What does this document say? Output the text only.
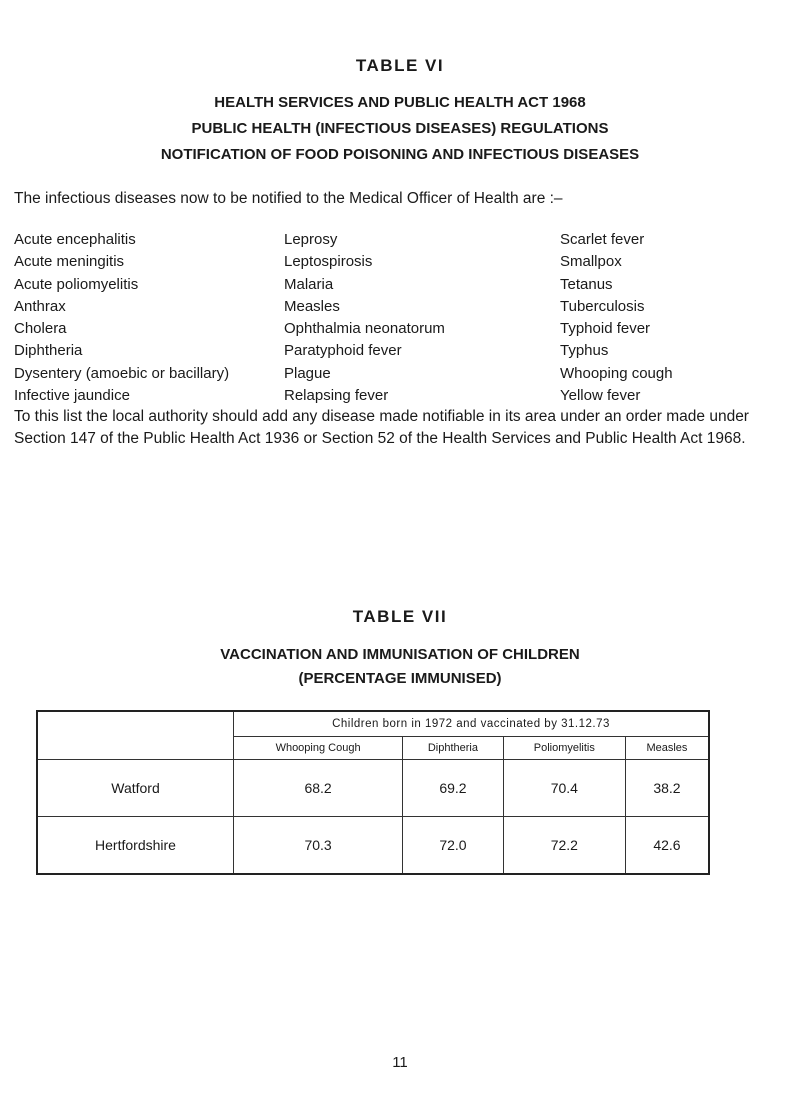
TABLE VI
HEALTH SERVICES AND PUBLIC HEALTH ACT 1968
PUBLIC HEALTH (INFECTIOUS DISEASES) REGULATIONS
NOTIFICATION OF FOOD POISONING AND INFECTIOUS DISEASES
The infectious diseases now to be notified to the Medical Officer of Health are :–
Acute encephalitis
Acute meningitis
Acute poliomyelitis
Anthrax
Cholera
Diphtheria
Dysentery (amoebic or bacillary)
Infective jaundice
Leprosy
Leptospirosis
Malaria
Measles
Ophthalmia neonatorum
Paratyphoid fever
Plague
Relapsing fever
Scarlet fever
Smallpox
Tetanus
Tuberculosis
Typhoid fever
Typhus
Whooping cough
Yellow fever
To this list the local authority should add any disease made notifiable in its area under an order made under Section 147 of the Public Health Act 1936 or Section 52 of the Health Services and Public Health Act 1968.
TABLE VII
VACCINATION AND IMMUNISATION OF CHILDREN
(PERCENTAGE IMMUNISED)
	Children born in 1972 and vaccinated by 31.12.73			
	Whooping Cough	Diphtheria	Poliomyelitis	Measles
Watford	68.2	69.2	70.4	38.2
Hertfordshire	70.3	72.0	72.2	42.6
11
